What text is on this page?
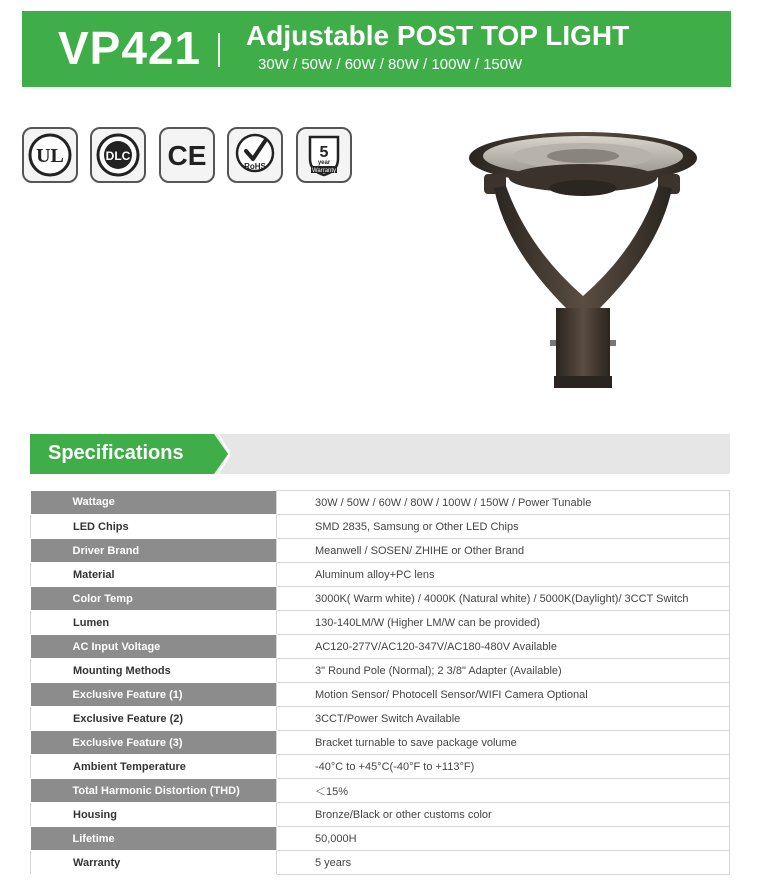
VP421 Adjustable POST TOP LIGHT
30W / 50W / 60W / 80W / 100W / 150W
UL	DLC CE	RoHS
5
year
Warranty
Specifications
Wattage	30W / 50W / 60W / 80W / 100W / 150W / Power Tunable
LED Chips	SMD 2835, Samsung or Other LED Chips
Driver Brand	Meanwell / SOSEN/ ZHIHE or Other Brand
Material	Aluminum alloy+PC lens
Color Temp	3000K( Warm white) / 4000K (Natural white) / 5000K(Daylight)/ 3CCT Switch
Lumen	130-140LM/W (Higher LM/W can be provided)
AC Input Voltage	AC120-277V/AC120-347V/AC180-480V Available
Mounting Methods	3" Round Pole (Normal); 2 3/8" Adapter (Available)
Exclusive Feature (1)	Motion Sensor/ Photocell Sensor/WIFI Camera Optional
Exclusive Feature (2)	3CCT/Power Switch Available
Exclusive Feature (3)	Bracket turnable to save package volume
Ambient Temperature	-40°C to +45°C(-40°F to +113°F)
Total Harmonic Distortion (THD)	＜15%
Housing	Bronze/Black or other customs color
Lifetime	50,000H
Warranty	5 years
